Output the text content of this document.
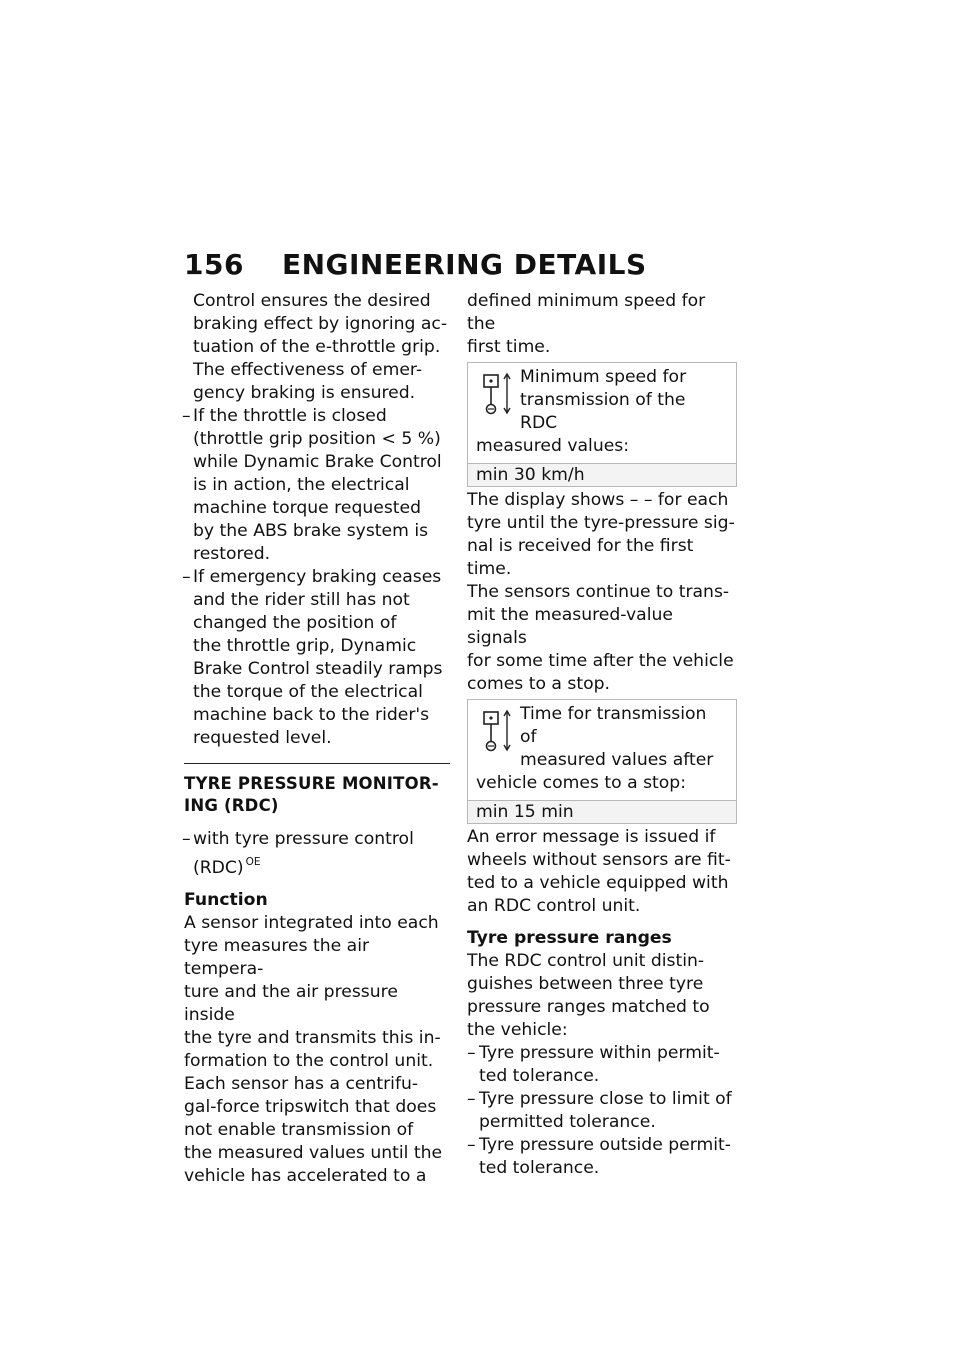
156 ENGINEERING DETAILS
Control ensures the desired
braking effect by ignoring ac-
tuation of the e-throttle grip.
The effectiveness of emer-
gency braking is ensured.
– If the throttle is closed
(throttle grip position < 5 %)
while Dynamic Brake Control
is in action, the electrical
machine torque requested
by the ABS brake system is
restored.
– If emergency braking ceases
and the rider still has not
changed the position of
the throttle grip, Dynamic
Brake Control steadily ramps
the torque of the electrical
machine back to the rider's
requested level.
TYRE PRESSURE MONITOR-
ING (RDC)
– with tyre pressure control
(RDC) $^{OE}$
Function
A sensor integrated into each
tyre measures the air tempera-
ture and the air pressure inside
the tyre and transmits this in-
formation to the control unit.
Each sensor has a centrifu-
gal-force tripswitch that does
not enable transmission of
the measured values until the
vehicle has accelerated to a
defined minimum speed for the
first time.
Minimum speed for
transmission of the RDC
measured values:
min 30 km/h
The display shows – – for each
tyre until the tyre-pressure sig-
nal is received for the first time.
The sensors continue to trans-
mit the measured-value signals
for some time after the vehicle
comes to a stop.
Time for transmission of
measured values after
vehicle comes to a stop:
min 15 min
An error message is issued if
wheels without sensors are fit-
ted to a vehicle equipped with
an RDC control unit.
Tyre pressure ranges
The RDC control unit distin-
guishes between three tyre
pressure ranges matched to
the vehicle:
– Tyre pressure within permit-
ted tolerance.
– Tyre pressure close to limit of
permitted tolerance.
– Tyre pressure outside permit-
ted tolerance.
